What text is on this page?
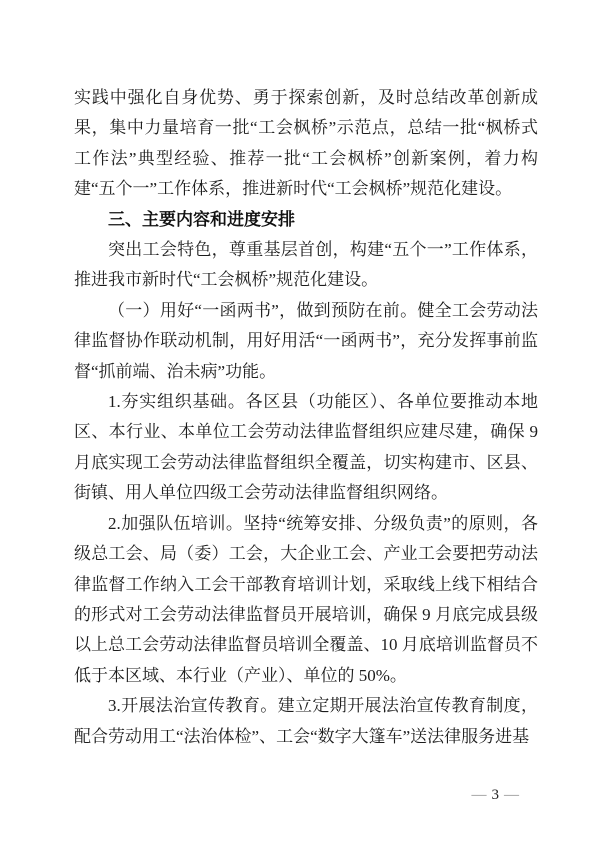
实践中强化自身优势、勇于探索创新，及时总结改革创新成果，集中力量培育一批“工会枫桥”示范点，总结一批“枫桥式工作法”典型经验、推荐一批“工会枫桥”创新案例，着力构建“五个一”工作体系，推进新时代“工会枫桥”规范化建设。

三、主要内容和进度安排

突出工会特色，尊重基层首创，构建“五个一”工作体系，推进我市新时代“工会枫桥”规范化建设。

（一）用好“一函两书”，做到预防在前。健全工会劳动法律监督协作联动机制，用好用活“一函两书”，充分发挥事前监督“抓前端、治未病”功能。

1.夯实组织基础。各区县（功能区）、各单位要推动本地区、本行业、本单位工会劳动法律监督组织应建尽建，确保 9 月底实现工会劳动法律监督组织全覆盖，切实构建市、区县、街镇、用人单位四级工会劳动法律监督组织网络。

2.加强队伍培训。坚持“统筹安排、分级负责”的原则，各级总工会、局（委）工会，大企业工会、产业工会要把劳动法律监督工作纳入工会干部教育培训计划，采取线上线下相结合的形式对工会劳动法律监督员开展培训，确保 9 月底完成县级以上总工会劳动法律监督员培训全覆盖、10 月底培训监督员不低于本区域、本行业（产业）、单位的 50%。

3.开展法治宣传教育。建立定期开展法治宣传教育制度，配合劳动用工“法治体检”、工会“数字大篷车”送法律服务进基

— 3 —
